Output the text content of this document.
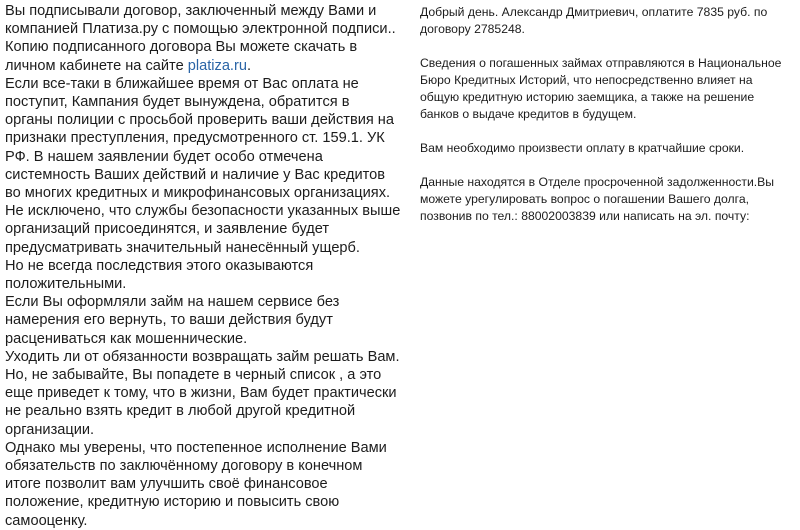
Вы подписывали договор, заключенный между Вами и компанией Платиза.ру с помощью электронной подписи.. Копию подписанного договора Вы можете скачать в личном кабинете на сайте platiza.ru.

Если все-таки в ближайшее время от Вас оплата не поступит, Кампания будет вынуждена, обратится в органы полиции с просьбой проверить ваши действия на признаки преступления, предусмотренного ст. 159.1. УК РФ. В нашем заявлении будет особо отмечена системность Ваших действий и наличие у Вас кредитов во многих кредитных и микрофинансовых организациях. Не исключено, что службы безопасности указанных выше организаций присоединятся, и заявление будет предусматривать значительный нанесённый ущерб.

Но не всегда последствия этого оказываются положительными.

Если Вы оформляли займ на нашем сервисе без намерения его вернуть, то ваши действия будут расцениваться как мошеннические.

Уходить ли от обязанности возвращать займ решать Вам. Но, не забывайте, Вы попадете в черный список , а это еще приведет к тому, что в жизни, Вам будет практически не реально взять кредит в любой другой кредитной организации.

Однако мы уверены, что постепенное исполнение Вами обязательств по заключённому договору в конечном итоге позволит вам улучшить своё финансовое положение, кредитную историю и повысить свою самооценку.

Добрый день. Александр Дмитриевич, оплатите 7835 руб. по договору 2785248.

Сведения о погашенных займах отправляются в Национальное Бюро Кредитных Историй, что непосредственно влияет на общую кредитную историю заемщика, а также на решение банков о выдаче кредитов в будущем.

Вам необходимо произвести оплату в кратчайшие сроки.

Данные находятся в Отделе просроченной задолженности.Вы можете урегулировать вопрос о погашении Вашего долга, позвонив по тел.: 88002003839 или написать на эл. почту:
